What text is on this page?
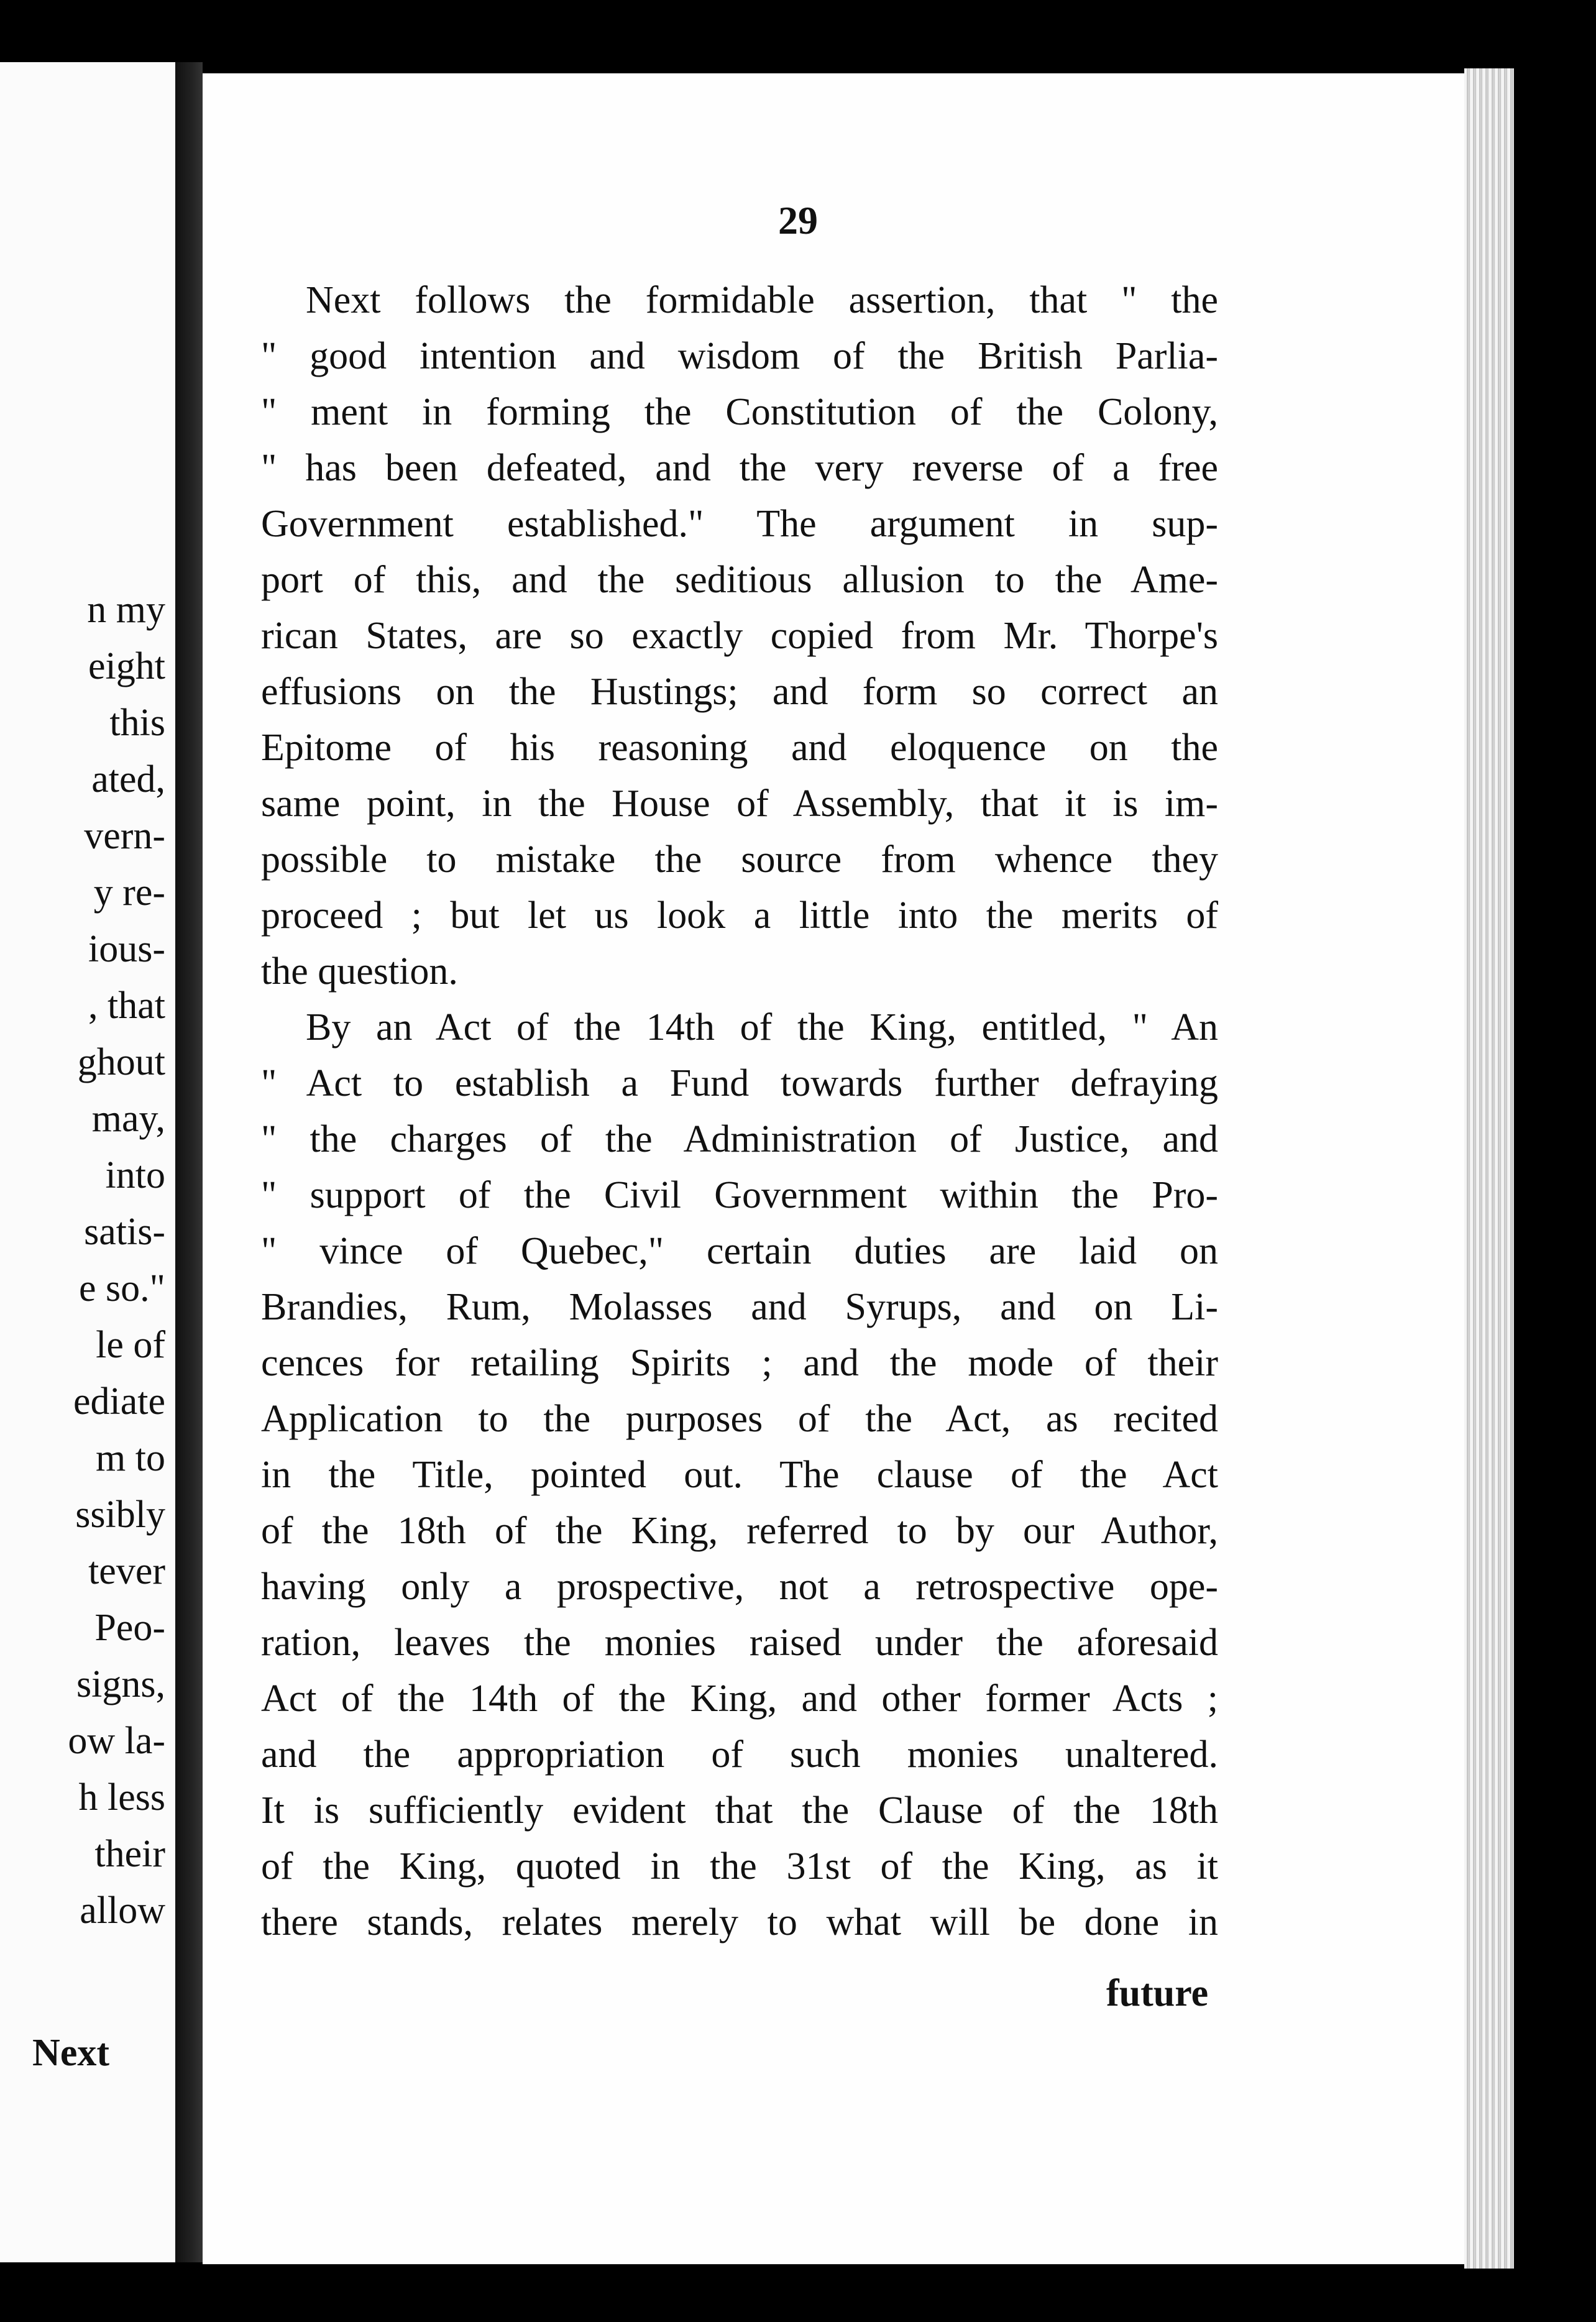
n my
eight
this
ated,
vern-
y re-
ious-
, that
ghout
may,
into
satis-
e so."
le of
ediate
m to
ssibly
tever
Peo-
signs,
ow la-
h less
their
allow
Next
29
Next follows the formidable assertion, that " the
" good intention and wisdom of the British Parlia-
" ment in forming the Constitution of the Colony,
" has been defeated, and the very reverse of a free
Government established." The argument in sup-
port of this, and the seditious allusion to the Ame-
rican States, are so exactly copied from Mr. Thorpe's
effusions on the Hustings; and form so correct an
Epitome of his reasoning and eloquence on the
same point, in the House of Assembly, that it is im-
possible to mistake the source from whence they
proceed ; but let us look a little into the merits of
the question.
By an Act of the 14th of the King, entitled, " An
" Act to establish a Fund towards further defraying
" the charges of the Administration of Justice, and
" support of the Civil Government within the Pro-
" vince of Quebec," certain duties are laid on
Brandies, Rum, Molasses and Syrups, and on Li-
cences for retailing Spirits ; and the mode of their
Application to the purposes of the Act, as recited
in the Title, pointed out. The clause of the Act
of the 18th of the King, referred to by our Author,
having only a prospective, not a retrospective ope-
ration, leaves the monies raised under the aforesaid
Act of the 14th of the King, and other former Acts ;
and the appropriation of such monies unaltered.
It is sufficiently evident that the Clause of the 18th
of the King, quoted in the 31st of the King, as it
there stands, relates merely to what will be done in
future
